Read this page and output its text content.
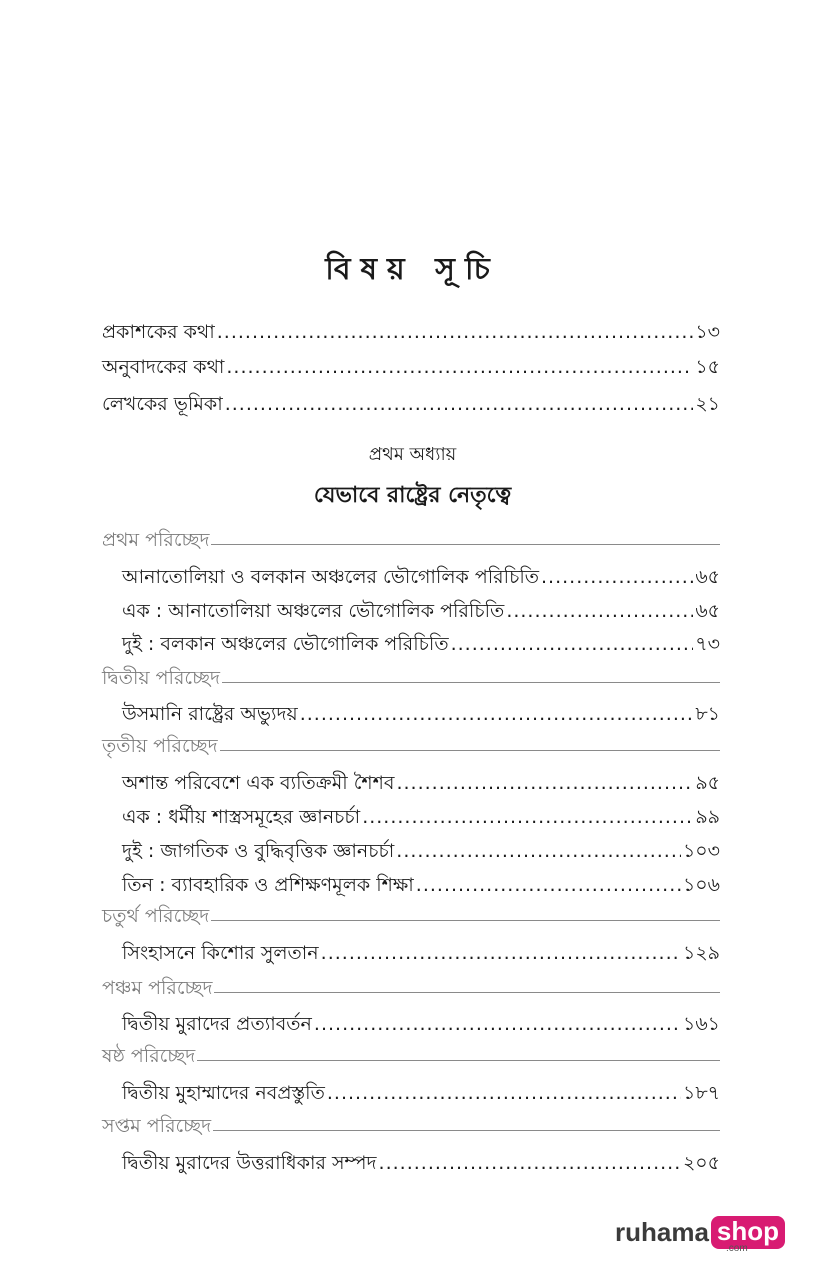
বিষয় সূচি
প্রকাশকের কথা .....	১৩
অনুবাদকের কথা .....	১৫
লেখকের ভূমিকা .....	২১
প্রথম অধ্যায়
যেভাবে রাষ্ট্রের নেতৃত্বে
প্রথম পরিচ্ছেদ
আনাতোলিয়া ও বলকান অঞ্চলের ভৌগোলিক পরিচিতি .....	৬৫
এক : আনাতোলিয়া অঞ্চলের ভৌগোলিক পরিচিতি .....	৬৫
দুই : বলকান অঞ্চলের ভৌগোলিক পরিচিতি .....	৭৩
দ্বিতীয় পরিচ্ছেদ
উসমানি রাষ্ট্রের অভ্যুদয় .....	৮১
তৃতীয় পরিচ্ছেদ
অশান্ত পরিবেশে এক ব্যতিক্রমী শৈশব .....	৯৫
এক : ধর্মীয় শাস্ত্রসমূহের জ্ঞানচর্চা .....	৯৯
দুই : জাগতিক ও বুদ্ধিবৃত্তিক জ্ঞানচর্চা .....	১০৩
তিন : ব্যাবহারিক ও প্রশিক্ষণমূলক শিক্ষা .....	১০৬
চতুর্থ পরিচ্ছেদ
সিংহাসনে কিশোর সুলতান .....	১২৯
পঞ্চম পরিচ্ছেদ
দ্বিতীয় মুরাদের প্রত্যাবর্তন .....	১৬১
ষষ্ঠ পরিচ্ছেদ
দ্বিতীয় মুহাম্মাদের নবপ্রস্তুতি .....	১৮৭
সপ্তম পরিচ্ছেদ
দ্বিতীয় মুরাদের উত্তরাধিকার সম্পদ .....	২০৫
ruhama shop
.com
